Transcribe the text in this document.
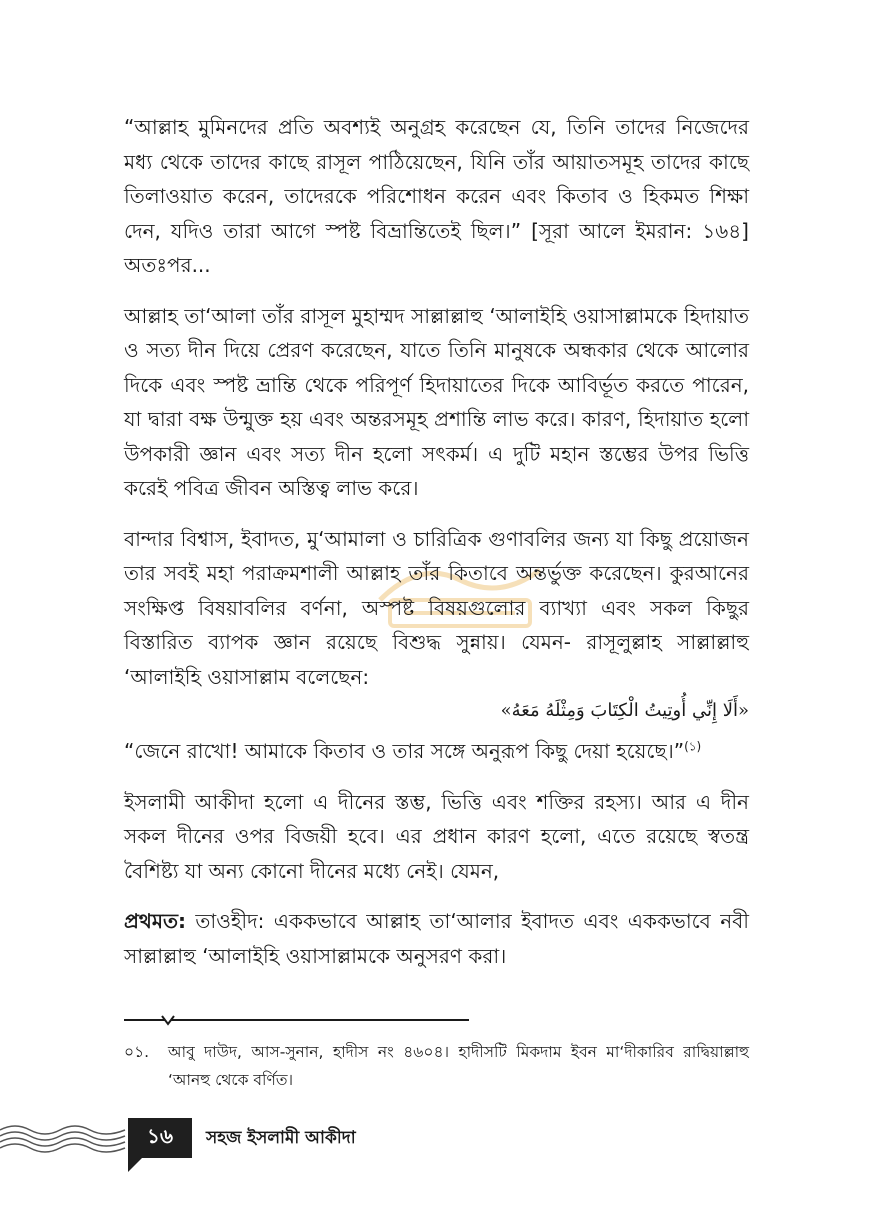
“আল্লাহ মুমিনদের প্রতি অবশ্যই অনুগ্রহ করেছেন যে, তিনি তাদের নিজেদের মধ্য থেকে তাদের কাছে রাসূল পাঠিয়েছেন, যিনি তাঁর আয়াতসমূহ তাদের কাছে তিলাওয়াত করেন, তাদেরকে পরিশোধন করেন এবং কিতাব ও হিকমত শিক্ষা দেন, যদিও তারা আগে স্পষ্ট বিভ্রান্তিতেই ছিল।” [সূরা আলে ইমরান: ১৬৪] অতঃপর...

আল্লাহ তা‘আলা তাঁর রাসূল মুহাম্মদ সাল্লাল্লাহু ‘আলাইহি ওয়াসাল্লামকে হিদায়াত ও সত্য দীন দিয়ে প্রেরণ করেছেন, যাতে তিনি মানুষকে অন্ধকার থেকে আলোর দিকে এবং স্পষ্ট ভ্রান্তি থেকে পরিপূর্ণ হিদায়াতের দিকে আবির্ভূত করতে পারেন, যা দ্বারা বক্ষ উন্মুক্ত হয় এবং অন্তরসমূহ প্রশান্তি লাভ করে। কারণ, হিদায়াত হলো উপকারী জ্ঞান এবং সত্য দীন হলো সৎকর্ম। এ দুটি মহান স্তম্ভের উপর ভিত্তি করেই পবিত্র জীবন অস্তিত্ব লাভ করে।

বান্দার বিশ্বাস, ইবাদত, মু‘আমালা ও চারিত্রিক গুণাবলির জন্য যা কিছু প্রয়োজন তার সবই মহা পরাক্রমশালী আল্লাহ তাঁর কিতাবে অন্তর্ভুক্ত করেছেন। কুরআনের সংক্ষিপ্ত বিষয়াবলির বর্ণনা, অস্পষ্ট বিষয়গুলোর ব্যাখ্যা এবং সকল কিছুর বিস্তারিত ব্যাপক জ্ঞান রয়েছে বিশুদ্ধ সুন্নায়। যেমন- রাসূলুল্লাহ সাল্লাল্লাহু ‘আলাইহি ওয়াসাল্লাম বলেছেন:

«أَلَا إِنِّي أُوتِيتُ الْكِتَابَ وَمِثْلَهُ مَعَهُ»

“জেনে রাখো! আমাকে কিতাব ও তার সঙ্গে অনুরূপ কিছু দেয়া হয়েছে।”$^{(১)}$

ইসলামী আকীদা হলো এ দীনের স্তম্ভ, ভিত্তি এবং শক্তির রহস্য। আর এ দীন সকল দীনের ওপর বিজয়ী হবে। এর প্রধান কারণ হলো, এতে রয়েছে স্বতন্ত্র বৈশিষ্ট্য যা অন্য কোনো দীনের মধ্যে নেই। যেমন,

প্রথমত: তাওহীদ: এককভাবে আল্লাহ তা‘আলার ইবাদত এবং এককভাবে নবী সাল্লাল্লাহু ‘আলাইহি ওয়াসাল্লামকে অনুসরণ করা।

০১.	আবু দাউদ, আস-সুনান, হাদীস নং ৪৬০৪। হাদীসটি মিকদাম ইবন মা‘দীকারিব রাদ্বিয়াল্লাহু ‘আনহু থেকে বর্ণিত।
১৬ সহজ ইসলামী আকীদা
